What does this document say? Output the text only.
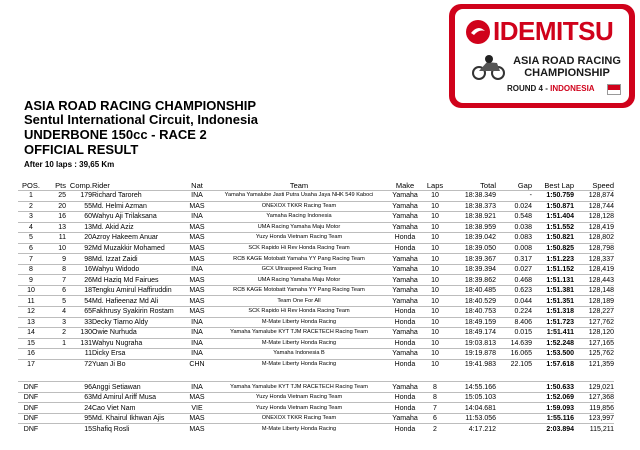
IDEMITSU
ASIA ROAD RACING
CHAMPIONSHIP
ROUND 4 - INDONESIA
ASIA ROAD RACING CHAMPIONSHIP
Sentul International Circuit, Indonesia
UNDERBONE 150cc - RACE 2
OFFICIAL RESULT
After 10 laps : 39,65 Km
POS.	Pts	Comp.	Rider	Nat	Team	Make	Laps	Total	Gap	Best Lap	Speed
1	25	179	Richard Taroreh	INA	Yamaha Yamalube Jasti Putra Usaha Jaya NHK 549 Kaboci	Yamaha	10	18:38.349	-	1:50.759	128,874
2	20	55	Md. Helmi Azman	MAS	ONEXOX TKKR Racing Team	Yamaha	10	18:38.373	0.024	1:50.871	128,744
3	16	60	Wahyu Aji Trilaksana	INA	Yamaha Racing Indonesia	Yamaha	10	18:38.921	0.548	1:51.404	128,128
4	13	13	Md. Akid Aziz	MAS	UMA Racing Yamaha Maju Motor	Yamaha	10	18:38.959	0.038	1:51.552	128,419
5	11	20	Azroy Hakeem Anuar	MAS	Yuzy Honda Vietnam Racing Team	Honda	10	18:39.042	0.083	1:50.821	128,802
6	10	92	Md Muzakkir Mohamed	MAS	SCK Rapido Hi Rev Honda Racing Team	Honda	10	18:39.050	0.008	1:50.825	128,798
7	9	98	Md. Izzat Zaidi	MAS	RCB KAGE Motobatt Yamaha YY Pang Racing Team	Yamaha	10	18:39.367	0.317	1:51.223	128,337
8	8	16	Wahyu Widodo	INA	GCX Ultraspeed Racing Team	Yamaha	10	18:39.394	0.027	1:51.152	128,419
9	7	26	Md Haziq Md Fairues	MAS	UMA Racing Yamaha Maju Motor	Yamaha	10	18:39.862	0.468	1:51.131	128,443
10	6	18	Tengku Amirul Haffiruddin	MAS	RCB KAGE Motobatt Yamaha YY Pang Racing Team	Yamaha	10	18:40.485	0.623	1:51.381	128,148
11	5	54	Md. Hafieenaz Md Ali	MAS	Team One For All	Yamaha	10	18:40.529	0.044	1:51.351	128,189
12	4	65	Fakhrusy Syakirin Rostam	MAS	SCK Rapido Hi Rev Honda Racing Team	Honda	10	18:40.753	0.224	1:51.318	128,227
13	3	33	Decky Tiarno Aldy	INA	M-Mate Liberty Honda Racing	Honda	10	18:49.159	8.406	1:51.723	127,762
14	2	130	Owie Nurhuda	INA	Yamaha Yamalube KYT TJM RACETECH Racing Team	Yamaha	10	18:49.174	0.015	1:51.411	128,120
15	1	131	Wahyu Nugraha	INA	M-Mate Liberty Honda Racing	Honda	10	19:03.813	14.639	1:52.248	127,165
16		11	Dicky Ersa	INA	Yamaha Indonesia B	Yamaha	10	19:19.878	16.065	1:53.500	125,762
17		72	Yuan Ji Bo	CHN	M-Mate Liberty Honda Racing	Honda	10	19:41.983	22.105	1:57.618	121,359

DNF		96	Anggi Setiawan	INA	Yamaha Yamalube KYT TJM RACETECH Racing Team	Yamaha	8	14:55.166		1:50.633	129,021
DNF		63	Md Amirul Ariff Musa	MAS	Yuzy Honda Vietnam Racing Team	Honda	8	15:05.103		1:52.069	127,368
DNF		24	Cao Viet Nam	VIE	Yuzy Honda Vietnam Racing Team	Honda	7	14:04.681		1:59.093	119,856
DNF		95	Md. Khairul Ikhwan Ajis	MAS	ONEXOX TKKR Racing Team	Yamaha	6	11:53.056		1:55.116	123,997
DNF		15	Shafiq Rosli	MAS	M-Mate Liberty Honda Racing	Honda	2	4:17.212		2:03.894	115,211
